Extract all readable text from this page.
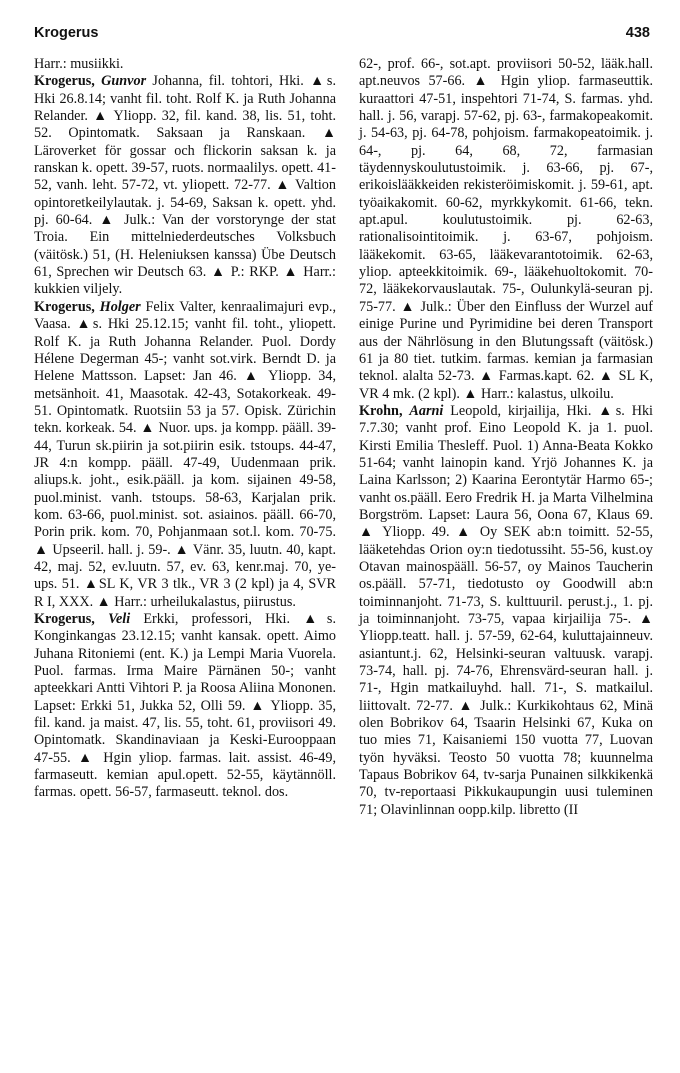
Krogerus	438

Harr.: musiikki.

Krogerus, Gunvor Johanna, fil. tohtori, Hki. ▲s. Hki 26.8.14; vanht fil. toht. Rolf K. ja Ruth Johanna Relander. ▲ Yliopp. 32, fil. kand. 38, lis. 51, toht. 52. Opintomatk. Saksaan ja Ranskaan. ▲ Läroverket för gossar och flickorin saksan k. ja ranskan k. opett. 39-57, ruots. normaalilys. opett. 41-52, vanh. leht. 57-72, vt. yliopett. 72-77. ▲ Valtion opintoretkeilylautak. j. 54-69, Saksan k. opett. yhd. pj. 60-64. ▲ Julk.: Van der vorstorynge der stat Troia. Ein mittelniederdeutsches Volksbuch (väitösk.) 51, (H. Heleniuksen kanssa) Übe Deutsch 61, Sprechen wir Deutsch 63. ▲ P.: RKP. ▲ Harr.: kukkien viljely.

Krogerus, Holger Felix Valter, kenraalimajuri evp., Vaasa. ▲s. Hki 25.12.15; vanht fil. toht., yliopett. Rolf K. ja Ruth Johanna Relander. Puol. Dordy Hélene Degerman 45-; vanht sot.virk. Berndt D. ja Helene Mattsson. Lapset: Jan 46. ▲ Yliopp. 34, metsänhoit. 41, Maasotak. 42-43, Sotakorkeak. 49-51. Opintomatk. Ruotsiin 53 ja 57. Opisk. Zürichin tekn. korkeak. 54. ▲ Nuor. ups. ja kompp. pääll. 39-44, Turun sk.piirin ja sot.piirin esik. tstoups. 44-47, JR 4:n kompp. pääll. 47-49, Uudenmaan prik. aliups.k. joht., esik.pääll. ja kom. sijainen 49-58, puol.minist. vanh. tstoups. 58-63, Karjalan prik. kom. 63-66, puol.minist. sot. asiainos. pääll. 66-70, Porin prik. kom. 70, Pohjanmaan sot.l. kom. 70-75. ▲ Upseeril. hall. j. 59-. ▲ Vänr. 35, luutn. 40, kapt. 42, maj. 52, ev.luutn. 57, ev. 63, kenr.maj. 70, ye-ups. 51. ▲SL K, VR 3 tlk., VR 3 (2 kpl) ja 4, SVR R I, XXX. ▲ Harr.: urheilukalastus, piirustus.

Krogerus, Veli Erkki, professori, Hki. ▲s. Konginkangas 23.12.15; vanht kansak. opett. Aimo Juhana Ritoniemi (ent. K.) ja Lempi Maria Vuorela. Puol. farmas. Irma Maire Pärnänen 50-; vanht apteekkari Antti Vihtori P. ja Roosa Aliina Mononen. Lapset: Erkki 51, Jukka 52, Olli 59. ▲ Yliopp. 35, fil. kand. ja maist. 47, lis. 55, toht. 61, proviisori 49. Opintomatk. Skandinaviaan ja Keski-Eurooppaan 47-55. ▲ Hgin yliop. farmas. lait. assist. 46-49, farmaseutt. kemian apul.opett. 52-55, käytännöll. farmas. opett. 56-57, farmaseutt. teknol. dos.

62-, prof. 66-, sot.apt. proviisori 50-52, lääk.hall. apt.neuvos 57-66. ▲ Hgin yliop. farmaseuttik. kuraattori 47-51, inspehtori 71-74, S. farmas. yhd. hall. j. 56, varapj. 57-62, pj. 63-, farmakopeakomit. j. 54-63, pj. 64-78, pohjoism. farmakopeatoimik. j. 64-, pj. 64, 68, 72, farmasian täydennyskoulutustoimik. j. 63-66, pj. 67-, erikoislääkkeiden rekisteröimiskomit. j. 59-61, apt. työaikakomit. 60-62, myrkkykomit. 61-66, tekn. apt.apul. koulutustoimik. pj. 62-63, rationalisointitoimik. j. 63-67, pohjoism. lääkekomit. 63-65, lääkevarantotoimik. 62-63, yliop. apteekkitoimik. 69-, lääkehuoltokomit. 70-72, lääkekorvauslautak. 75-, Oulunkylä-seuran pj. 75-77. ▲ Julk.: Über den Einfluss der Wurzel auf einige Purine und Pyrimidine bei deren Transport aus der Nährlösung in den Blutungssaft (väitösk.) 61 ja 80 tiet. tutkim. farmas. kemian ja farmasian teknol. alalta 52-73. ▲ Farmas.kapt. 62. ▲ SL K, VR 4 mk. (2 kpl). ▲ Harr.: kalastus, ulkoilu.

Krohn, Aarni Leopold, kirjailija, Hki. ▲s. Hki 7.7.30; vanht prof. Eino Leopold K. ja 1. puol. Kirsti Emilia Thesleff. Puol. 1) Anna-Beata Kokko 51-64; vanht lainopin kand. Yrjö Johannes K. ja Laina Karlsson; 2) Kaarina Eerontytär Harmo 65-; vanht os.pääll. Eero Fredrik H. ja Marta Vilhelmina Borgström. Lapset: Laura 56, Oona 67, Klaus 69. ▲ Yliopp. 49. ▲ Oy SEK ab:n toimitt. 52-55, lääketehdas Orion oy:n tiedotussiht. 55-56, kust.oy Otavan mainospääll. 56-57, oy Mainos Taucherin os.pääll. 57-71, tiedotusto oy Goodwill ab:n toiminnanjoht. 71-73, S. kulttuuril. perust.j., 1. pj. ja toiminnanjoht. 73-75, vapaa kirjailija 75-. ▲ Yliopp.teatt. hall. j. 57-59, 62-64, kuluttajainneuv. asiantunt.j. 62, Helsinki-seuran valtuusk. varapj. 73-74, hall. pj. 74-76, Ehrensvärd-seuran hall. j. 71-, Hgin matkailuyhd. hall. 71-, S. matkailul. liittovalt. 72-77. ▲ Julk.: Kurkikohtaus 62, Minä olen Bobrikov 64, Tsaarin Helsinki 67, Kuka on tuo mies 71, Kaisaniemi 150 vuotta 77, Luovan työn hyväksi. Teosto 50 vuotta 78; kuunnelma Tapaus Bobrikov 64, tv-sarja Punainen silkkikenkä 70, tv-reportaasi Pikkukaupungin uusi tuleminen 71; Olavinlinnan oopp.kilp. libretto (II
